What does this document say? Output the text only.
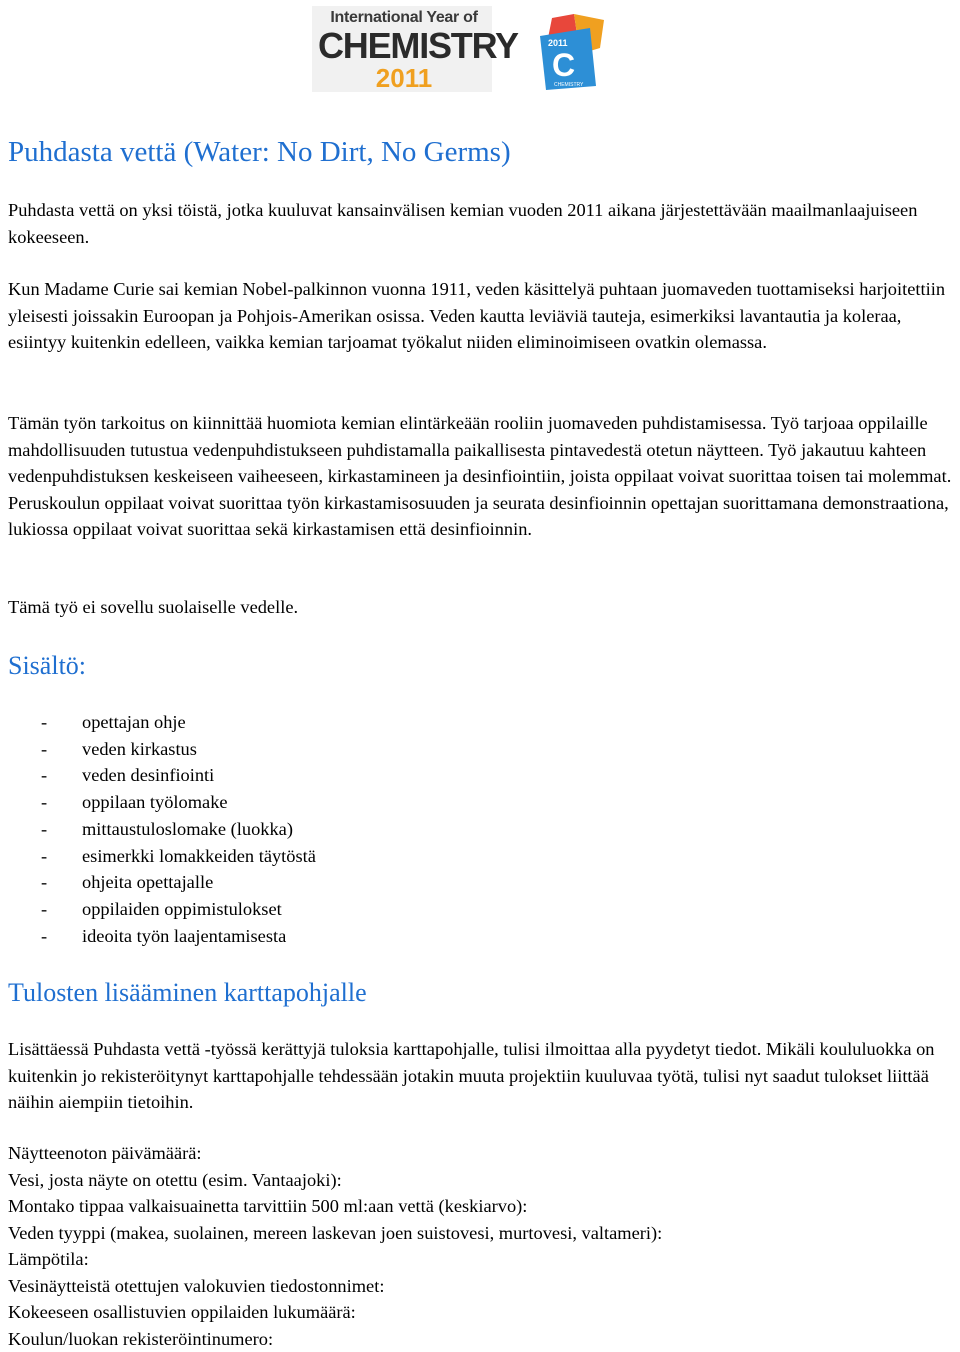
International Year of
CHEMISTRY
2011
2011
C
CHEMISTRY
Puhdasta vettä (Water: No Dirt, No Germs)

Puhdasta vettä on yksi töistä, jotka kuuluvat kansainvälisen kemian vuoden 2011 aikana järjestettävään maailmanlaajuiseen kokeeseen.

Kun Madame Curie sai kemian Nobel-palkinnon vuonna 1911, veden käsittelyä puhtaan juomaveden tuottamiseksi harjoitettiin yleisesti joissakin Euroopan ja Pohjois-Amerikan osissa. Veden kautta leviäviä tauteja, esimerkiksi lavantautia ja koleraa, esiintyy kuitenkin edelleen, vaikka kemian tarjoamat työkalut niiden eliminoimiseen ovatkin olemassa.

Tämän työn tarkoitus on kiinnittää huomiota kemian elintärkeään rooliin juomaveden puhdistamisessa. Työ tarjoaa oppilaille mahdollisuuden tutustua vedenpuhdistukseen puhdistamalla paikallisesta pintavedestä otetun näytteen. Työ jakautuu kahteen vedenpuhdistuksen keskeiseen vaiheeseen, kirkastamineen ja desinfiointiin, joista oppilaat voivat suorittaa toisen tai molemmat. Peruskoulun oppilaat voivat suorittaa työn kirkastamisosuuden ja seurata desinfioinnin opettajan suorittamana demonstraationa, lukiossa oppilaat voivat suorittaa sekä kirkastamisen että desinfioinnin.

Tämä työ ei sovellu suolaiselle vedelle.

Sisältö:
- opettajan ohje
- veden kirkastus
- veden desinfiointi
- oppilaan työlomake
- mittaustuloslomake (luokka)
- esimerkki lomakkeiden täytöstä
- ohjeita opettajalle
- oppilaiden oppimistulokset
- ideoita työn laajentamisesta
Tulosten lisääminen karttapohjalle

Lisättäessä Puhdasta vettä -työssä kerättyjä tuloksia karttapohjalle, tulisi ilmoittaa alla pyydetyt tiedot. Mikäli koululuokka on kuitenkin jo rekisteröitynyt karttapohjalle tehdessään jotakin muuta projektiin kuuluvaa työtä, tulisi nyt saadut tulokset liittää näihin aiempiin tietoihin.

Näytteenoton päivämäärä:
Vesi, josta näyte on otettu (esim. Vantaajoki):
Montako tippaa valkaisuainetta tarvittiin 500 ml:aan vettä (keskiarvo):
Veden tyyppi (makea, suolainen, mereen laskevan joen suistovesi, murtovesi, valtameri):
Lämpötila:
Vesinäytteistä otettujen valokuvien tiedostonnimet:
Kokeeseen osallistuvien oppilaiden lukumäärä:
Koulun/luokan rekisteröintinumero:
